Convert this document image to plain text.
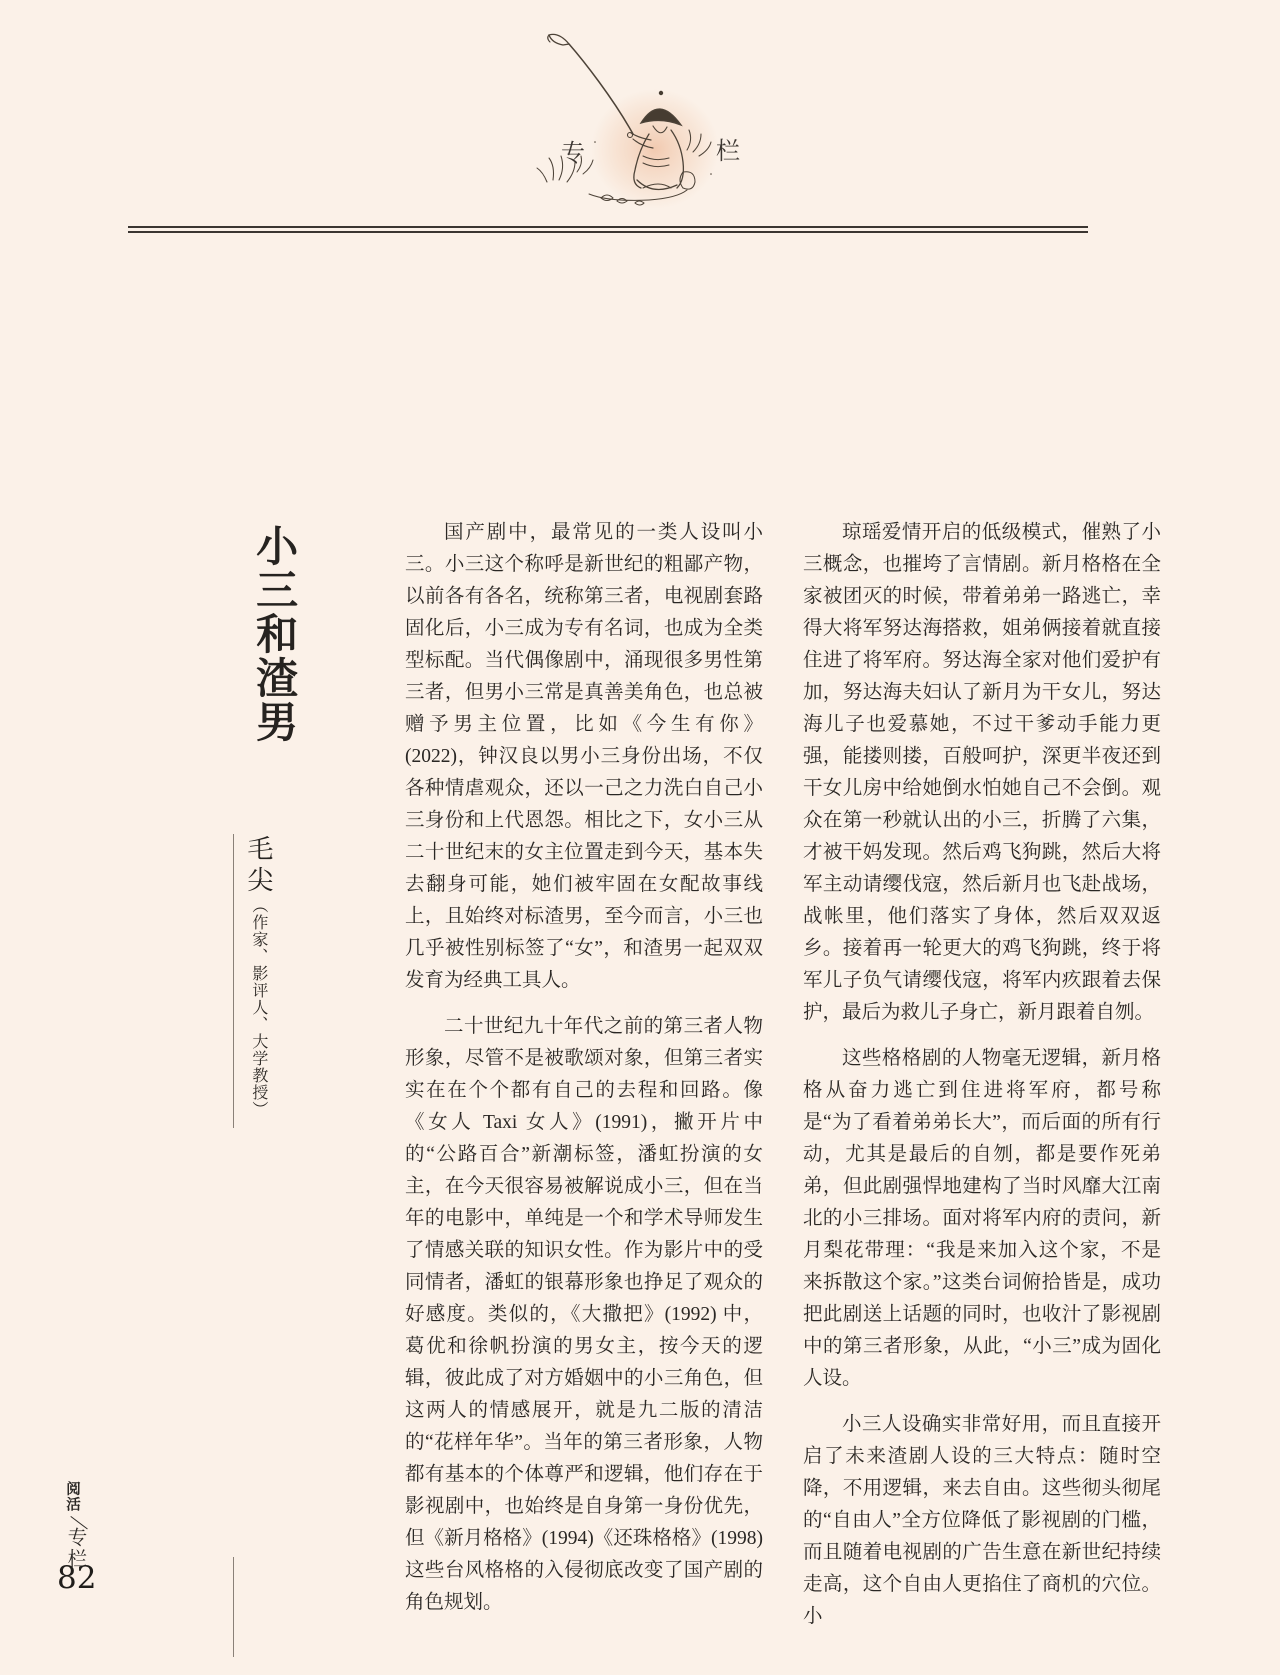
专	栏
小三和渣男
毛尖（作家、影评人、大学教授）

国产剧中，最常见的一类人设叫小三。小三这个称呼是新世纪的粗鄙产物，以前各有各名，统称第三者，电视剧套路固化后，小三成为专有名词，也成为全类型标配。当代偶像剧中，涌现很多男性第三者，但男小三常是真善美角色，也总被赠予男主位置，比如《今生有你》(2022)，钟汉良以男小三身份出场，不仅各种情虐观众，还以一己之力洗白自己小三身份和上代恩怨。相比之下，女小三从二十世纪末的女主位置走到今天，基本失去翻身可能，她们被牢固在女配故事线上，且始终对标渣男，至今而言，小三也几乎被性别标签了“女”，和渣男一起双双发育为经典工具人。

二十世纪九十年代之前的第三者人物形象，尽管不是被歌颂对象，但第三者实实在在个个都有自己的去程和回路。像《女人 Taxi 女人》(1991)，撇开片中的“公路百合”新潮标签，潘虹扮演的女主，在今天很容易被解说成小三，但在当年的电影中，单纯是一个和学术导师发生了情感关联的知识女性。作为影片中的受同情者，潘虹的银幕形象也挣足了观众的好感度。类似的，《大撒把》(1992) 中，葛优和徐帆扮演的男女主，按今天的逻辑，彼此成了对方婚姻中的小三角色，但这两人的情感展开，就是九二版的清洁的“花样年华”。当年的第三者形象，人物都有基本的个体尊严和逻辑，他们存在于影视剧中，也始终是自身第一身份优先，但《新月格格》(1994)《还珠格格》(1998) 这些台风格格的入侵彻底改变了国产剧的角色规划。

琼瑶爱情开启的低级模式，催熟了小三概念，也摧垮了言情剧。新月格格在全家被团灭的时候，带着弟弟一路逃亡，幸得大将军努达海搭救，姐弟俩接着就直接住进了将军府。努达海全家对他们爱护有加，努达海夫妇认了新月为干女儿，努达海儿子也爱慕她，不过干爹动手能力更强，能搂则搂，百般呵护，深更半夜还到干女儿房中给她倒水怕她自己不会倒。观众在第一秒就认出的小三，折腾了六集，才被干妈发现。然后鸡飞狗跳，然后大将军主动请缨伐寇，然后新月也飞赴战场，战帐里，他们落实了身体，然后双双返乡。接着再一轮更大的鸡飞狗跳，终于将军儿子负气请缨伐寇，将军内疚跟着去保护，最后为救儿子身亡，新月跟着自刎。

这些格格剧的人物毫无逻辑，新月格格从奋力逃亡到住进将军府，都号称是“为了看着弟弟长大”，而后面的所有行动，尤其是最后的自刎，都是要作死弟弟，但此剧强悍地建构了当时风靡大江南北的小三排场。面对将军内府的责问，新月梨花带理：“我是来加入这个家，不是来拆散这个家。”这类台词俯拾皆是，成功把此剧送上话题的同时，也收汁了影视剧中的第三者形象，从此，“小三”成为固化人设。

小三人设确实非常好用，而且直接开启了未来渣剧人设的三大特点：随时空降，不用逻辑，来去自由。这些彻头彻尾的“自由人”全方位降低了影视剧的门槛，而且随着电视剧的广告生意在新世纪持续走高，这个自由人更掐住了商机的穴位。小

阅活
专栏
82
